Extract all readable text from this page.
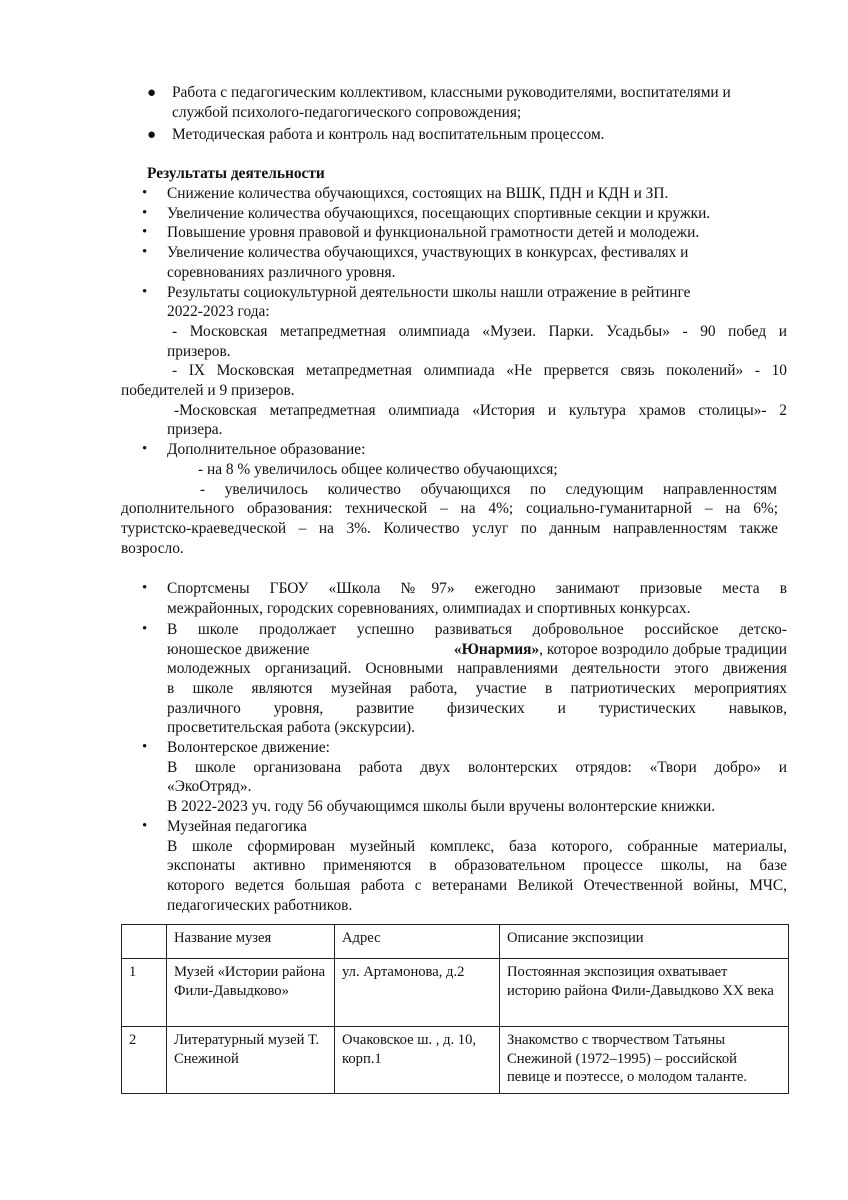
● Работа с педагогическим коллективом, классными руководителями, воспитателями и службой психолого-педагогического сопровождения;
● Методическая работа и контроль над воспитательным процессом.
Результаты деятельности
• Снижение количества обучающихся, состоящих на ВШК, ПДН и КДН и ЗП.
• Увеличение количества обучающихся, посещающих спортивные секции и кружки.
• Повышение уровня правовой и функциональной грамотности детей и молодежи.
• Увеличение количества обучающихся, участвующих в конкурсах, фестивалях и
соревнованиях различного уровня.
• Результаты социокультурной деятельности школы нашли отражение в рейтинге
2022-2023 года:
- Московская метапредметная олимпиада «Музеи. Парки. Усадьбы» - 90 побед и
призеров.
- IX Московская метапредметная олимпиада «Не прервется связь поколений» - 10
победителей и 9 призеров.
-Московская метапредметная олимпиада «История и культура храмов столицы»- 2
призера.
• Дополнительное образование:
- на 8 % увеличилось общее количество обучающихся;
- увеличилось количество обучающихся по следующим направленностям
дополнительного образования: технической – на 4%; социально-гуманитарной – на 6%;
туристско-краеведческой – на 3%. Количество услуг по данным направленностям также
возросло.
• Спортсмены ГБОУ «Школа №97» ежегодно занимают призовые места в
межрайонных, городских соревнованиях, олимпиадах и спортивных конкурсах.
• В школе продолжает успешно развиваться добровольное российское детско-
юношеское движение	«Юнармия», которое возродило добрые традиции
молодежных организаций. Основными направлениями деятельности этого движения
в школе являются музейная работа, участие в патриотических мероприятиях
различного уровня, развитие физических и туристических навыков,
просветительская работа (экскурсии).
• Волонтерское движение:
В школе организована работа двух волонтерских отрядов: «Твори добро» и
«ЭкоОтряд».
В 2022-2023 уч. году 56 обучающимся школы были вручены волонтерские книжки.
• Музейная педагогика
В школе сформирован музейный комплекс, база которого, собранные материалы,
экспонаты активно применяются в образовательном процессе школы, на базе
которого ведется большая работа с ветеранами Великой Отечественной войны, МЧС,
педагогических работников.
	Название музея	Адрес	Описание экспозиции
1	Музей «Истории района Фили-Давыдково»	ул. Артамонова, д.2	Постоянная экспозиция охватывает историю района Фили-Давыдково XX века
2	Литературный музей Т. Снежиной	Очаковское ш. , д. 10, корп.1	Знакомство с творчеством Татьяны Снежиной (1972–1995) – российской певице и поэтессе, о молодом таланте.
